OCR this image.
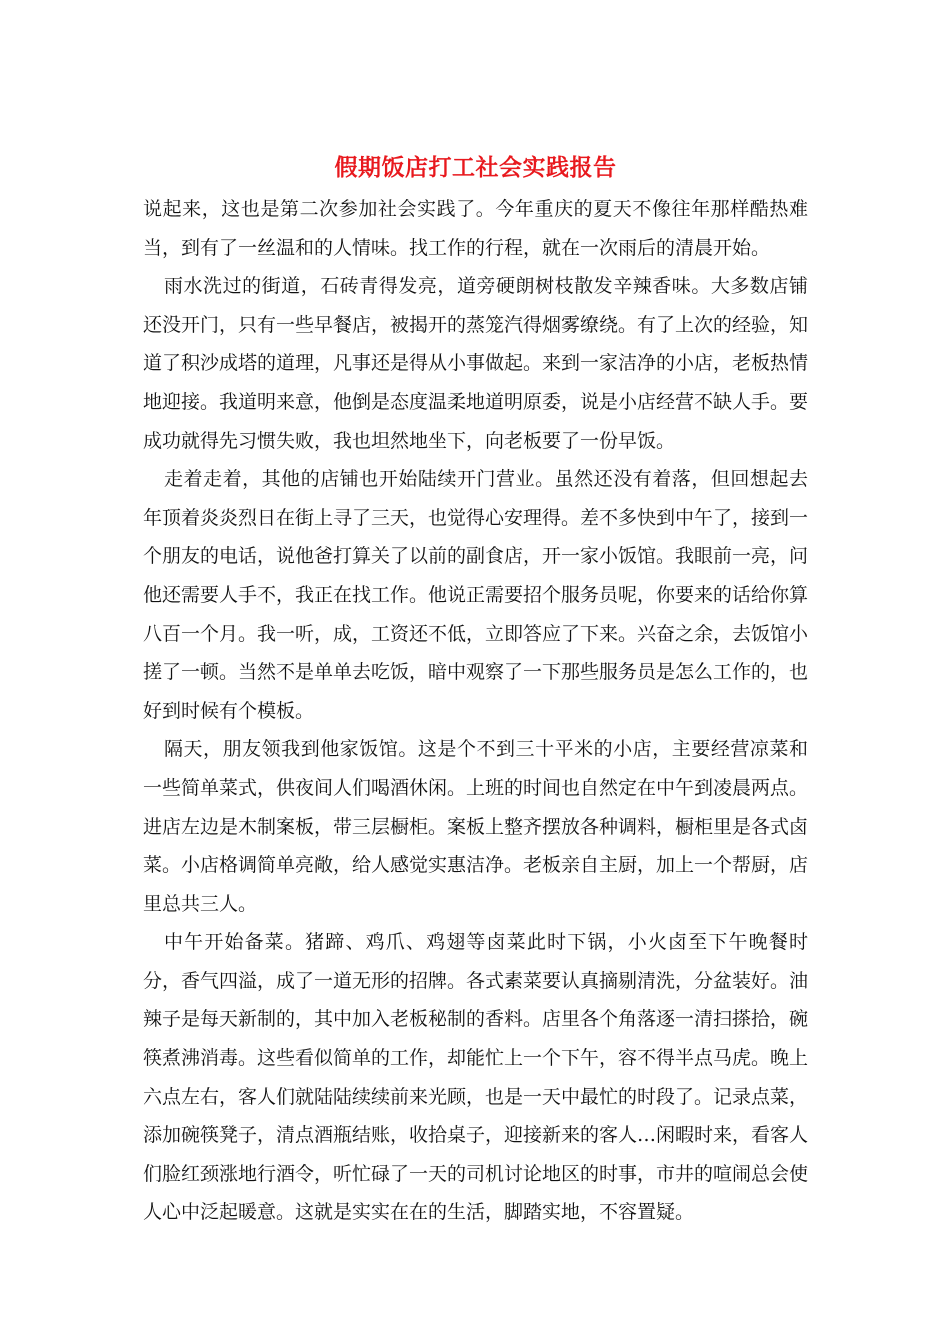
假期饭店打工社会实践报告

说起来，这也是第二次参加社会实践了。今年重庆的夏天不像往年那样酷热难当，到有了一丝温和的人情味。找工作的行程，就在一次雨后的清晨开始。

雨水洗过的街道，石砖青得发亮，道旁硬朗树枝散发辛辣香味。大多数店铺还没开门，只有一些早餐店，被揭开的蒸笼汽得烟雾缭绕。有了上次的经验，知道了积沙成塔的道理，凡事还是得从小事做起。来到一家洁净的小店，老板热情地迎接。我道明来意，他倒是态度温柔地道明原委，说是小店经营不缺人手。要成功就得先习惯失败，我也坦然地坐下，向老板要了一份早饭。

走着走着，其他的店铺也开始陆续开门营业。虽然还没有着落，但回想起去年顶着炎炎烈日在街上寻了三天，也觉得心安理得。差不多快到中午了，接到一个朋友的电话，说他爸打算关了以前的副食店，开一家小饭馆。我眼前一亮，问他还需要人手不，我正在找工作。他说正需要招个服务员呢，你要来的话给你算八百一个月。我一听，成，工资还不低，立即答应了下来。兴奋之余，去饭馆小搓了一顿。当然不是单单去吃饭，暗中观察了一下那些服务员是怎么工作的，也好到时候有个模板。

隔天，朋友领我到他家饭馆。这是个不到三十平米的小店，主要经营凉菜和一些简单菜式，供夜间人们喝酒休闲。上班的时间也自然定在中午到凌晨两点。进店左边是木制案板，带三层橱柜。案板上整齐摆放各种调料，橱柜里是各式卤菜。小店格调简单亮敞，给人感觉实惠洁净。老板亲自主厨，加上一个帮厨，店里总共三人。

中午开始备菜。猪蹄、鸡爪、鸡翅等卤菜此时下锅，小火卤至下午晚餐时分，香气四溢，成了一道无形的招牌。各式素菜要认真摘剔清洗，分盆装好。油辣子是每天新制的，其中加入老板秘制的香料。店里各个角落逐一清扫搽拾，碗筷煮沸消毒。这些看似简单的工作，却能忙上一个下午，容不得半点马虎。晚上六点左右，客人们就陆陆续续前来光顾，也是一天中最忙的时段了。记录点菜，添加碗筷凳子，清点酒瓶结账，收拾桌子，迎接新来的客人…闲暇时来，看客人们脸红颈涨地行酒令，听忙碌了一天的司机讨论地区的时事，市井的喧闹总会使人心中泛起暖意。这就是实实在在的生活，脚踏实地，不容置疑。
